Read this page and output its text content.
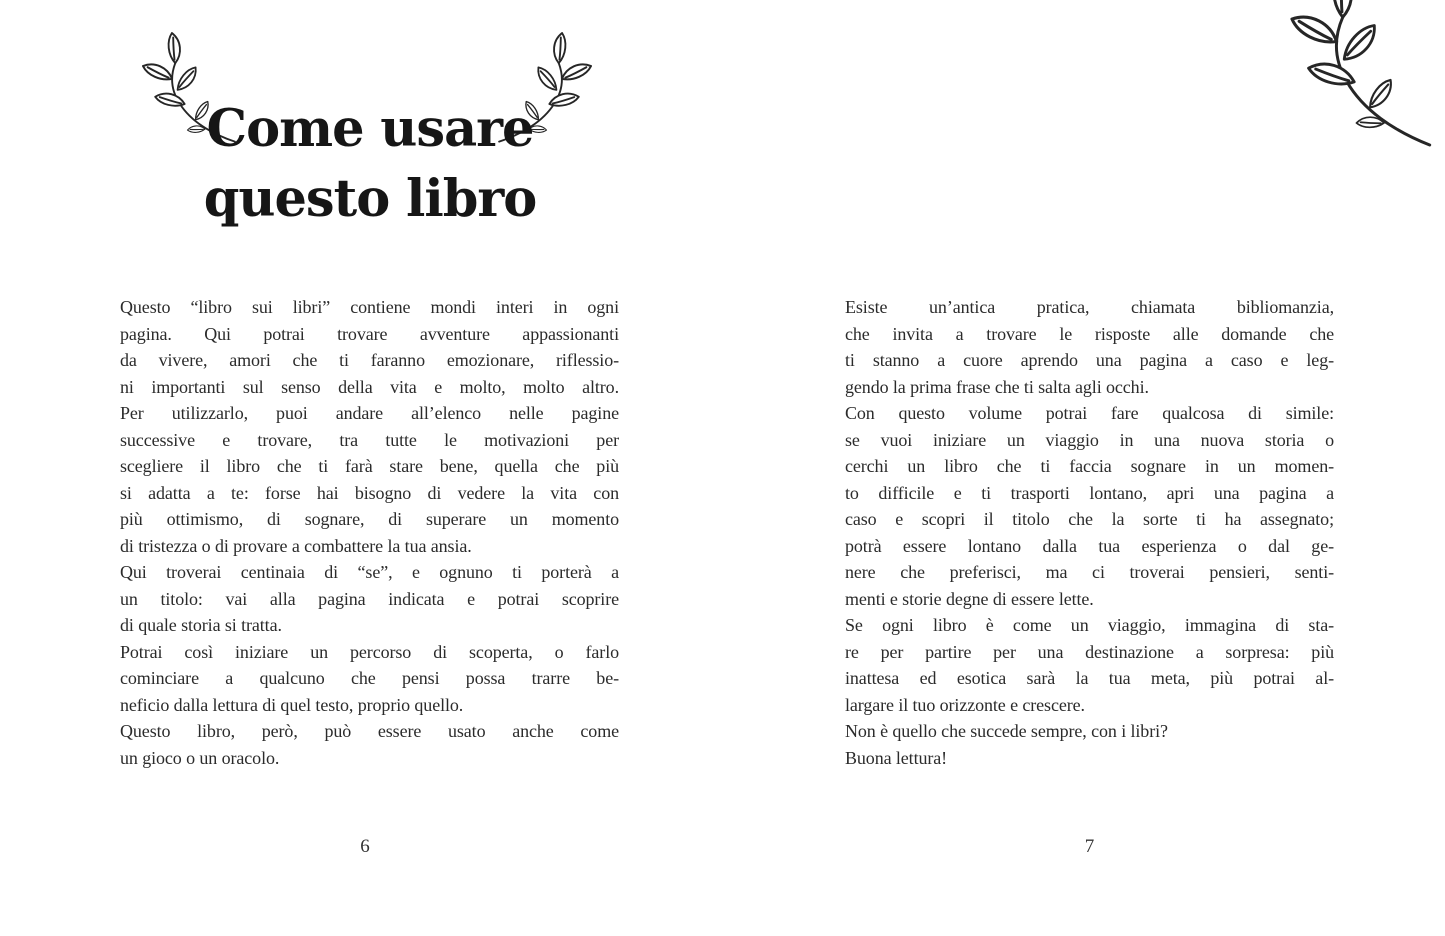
Come usare
questo libro
Questo “libro sui libri” contiene mondi interi in ogni
pagina. Qui potrai trovare avventure appassionanti
da vivere, amori che ti faranno emozionare, riflessio-
ni importanti sul senso della vita e molto, molto altro.
Per utilizzarlo, puoi andare all’elenco nelle pagine
successive e trovare, tra tutte le motivazioni per
scegliere il libro che ti farà stare bene, quella che più
si adatta a te: forse hai bisogno di vedere la vita con
più ottimismo, di sognare, di superare un momento
di tristezza o di provare a combattere la tua ansia.
Qui troverai centinaia di “se”, e ognuno ti porterà a
un titolo: vai alla pagina indicata e potrai scoprire
di quale storia si tratta.
Potrai così iniziare un percorso di scoperta, o farlo
cominciare a qualcuno che pensi possa trarre be-
neficio dalla lettura di quel testo, proprio quello.
Questo libro, però, può essere usato anche come
un gioco o un oracolo.
Esiste un’antica pratica, chiamata bibliomanzia,
che invita a trovare le risposte alle domande che
ti stanno a cuore aprendo una pagina a caso e leg-
gendo la prima frase che ti salta agli occhi.
Con questo volume potrai fare qualcosa di simile:
se vuoi iniziare un viaggio in una nuova storia o
cerchi un libro che ti faccia sognare in un momen-
to difficile e ti trasporti lontano, apri una pagina a
caso e scopri il titolo che la sorte ti ha assegnato;
potrà essere lontano dalla tua esperienza o dal ge-
nere che preferisci, ma ci troverai pensieri, senti-
menti e storie degne di essere lette.
Se ogni libro è come un viaggio, immagina di sta-
re per partire per una destinazione a sorpresa: più
inattesa ed esotica sarà la tua meta, più potrai al-
largare il tuo orizzonte e crescere.
Non è quello che succede sempre, con i libri?
Buona lettura!
6	7
